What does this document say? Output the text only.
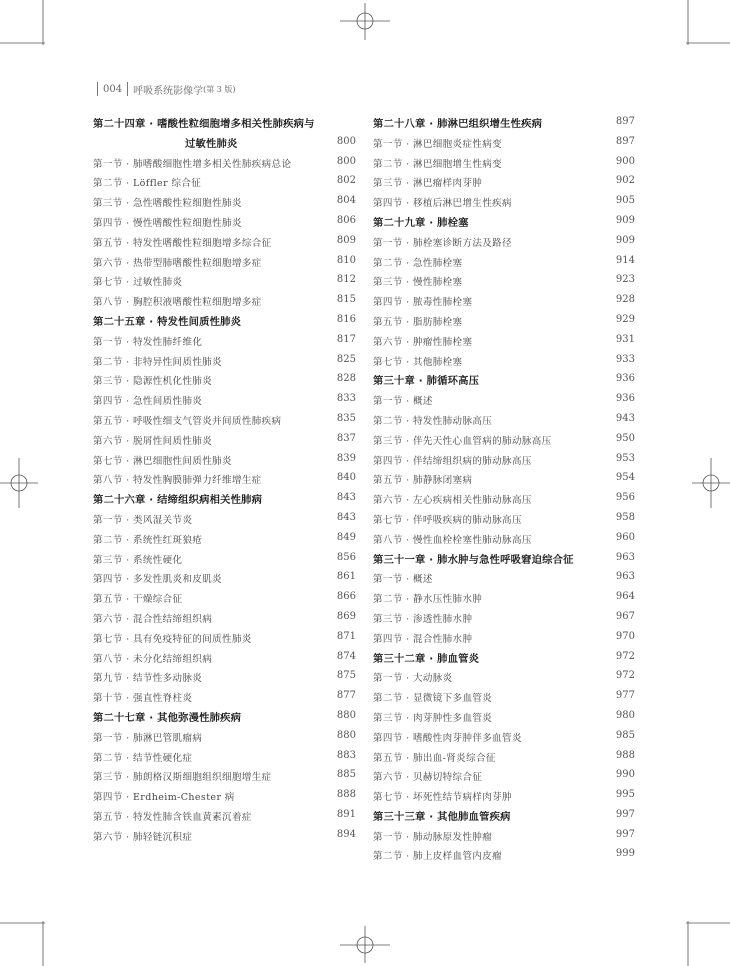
004 呼吸系统影像学 (第 3 版)
第二十四章 · 嗜酸性粒细胞增多相关性肺疾病与
过敏性肺炎	800
第一节 · 肺嗜酸细胞性增多相关性肺疾病总论	800
第二节 · Löffler 综合征	802
第三节 · 急性嗜酸性粒细胞性肺炎	804
第四节 · 慢性嗜酸性粒细胞性肺炎	806
第五节 · 特发性嗜酸性粒细胞增多综合征	809
第六节 · 热带型肺嗜酸性粒细胞增多症	810
第七节 · 过敏性肺炎	812
第八节 · 胸腔积液嗜酸性粒细胞增多症	815
第二十五章 · 特发性间质性肺炎	816
第一节 · 特发性肺纤维化	817
第二节 · 非特异性间质性肺炎	825
第三节 · 隐源性机化性肺炎	828
第四节 · 急性间质性肺炎	833
第五节 · 呼吸性细支气管炎并间质性肺疾病	835
第六节 · 脱屑性间质性肺炎	837
第七节 · 淋巴细胞性间质性肺炎	839
第八节 · 特发性胸膜肺弹力纤维增生症	840
第二十六章 · 结缔组织病相关性肺病	843
第一节 · 类风湿关节炎	843
第二节 · 系统性红斑狼疮	849
第三节 · 系统性硬化	856
第四节 · 多发性肌炎和皮肌炎	861
第五节 · 干燥综合征	866
第六节 · 混合性结缔组织病	869
第七节 · 具有免疫特征的间质性肺炎	871
第八节 · 未分化结缔组织病	874
第九节 · 结节性多动脉炎	875
第十节 · 强直性脊柱炎	877
第二十七章 · 其他弥漫性肺疾病	880
第一节 · 肺淋巴管肌瘤病	880
第二节 · 结节性硬化症	883
第三节 · 肺朗格汉斯细胞组织细胞增生症	885
第四节 · Erdheim-Chester 病	888
第五节 · 特发性肺含铁血黄素沉着症	891
第六节 · 肺轻链沉积症	894
第二十八章 · 肺淋巴组织增生性疾病	897
第一节 · 淋巴细胞炎症性病变	897
第二节 · 淋巴细胞增生性病变	900
第三节 · 淋巴瘤样肉芽肿	902
第四节 · 移植后淋巴增生性疾病	905
第二十九章 · 肺栓塞	909
第一节 · 肺栓塞诊断方法及路径	909
第二节 · 急性肺栓塞	914
第三节 · 慢性肺栓塞	923
第四节 · 脓毒性肺栓塞	928
第五节 · 脂肪肺栓塞	929
第六节 · 肿瘤性肺栓塞	931
第七节 · 其他肺栓塞	933
第三十章 · 肺循环高压	936
第一节 · 概述	936
第二节 · 特发性肺动脉高压	943
第三节 · 伴先天性心血管病的肺动脉高压	950
第四节 · 伴结缔组织病的肺动脉高压	953
第五节 · 肺静脉闭塞病	954
第六节 · 左心疾病相关性肺动脉高压	956
第七节 · 伴呼吸疾病的肺动脉高压	958
第八节 · 慢性血栓栓塞性肺动脉高压	960
第三十一章 · 肺水肿与急性呼吸窘迫综合征	963
第一节 · 概述	963
第二节 · 静水压性肺水肿	964
第三节 · 渗透性肺水肿	967
第四节 · 混合性肺水肿	970
第三十二章 · 肺血管炎	972
第一节 · 大动脉炎	972
第二节 · 显微镜下多血管炎	977
第三节 · 肉芽肿性多血管炎	980
第四节 · 嗜酸性肉芽肿伴多血管炎	985
第五节 · 肺出血-肾炎综合征	988
第六节 · 贝赫切特综合征	990
第七节 · 坏死性结节病样肉芽肿	995
第三十三章 · 其他肺血管疾病	997
第一节 · 肺动脉原发性肿瘤	997
第二节 · 肺上皮样血管内皮瘤	999
